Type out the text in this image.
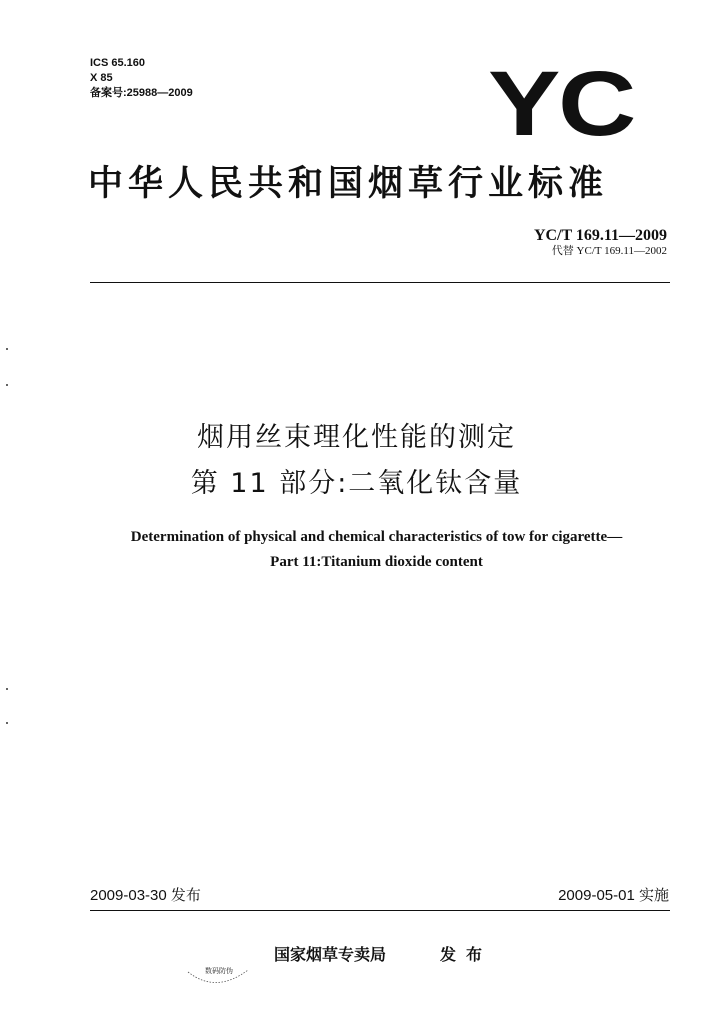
ICS 65.160
X 85
备案号:25988—2009	YC
中华人民共和国烟草行业标准
YC/T 169.11—2009
代替 YC/T 169.11—2002
烟用丝束理化性能的测定
第 11 部分:二氧化钛含量
Determination of physical and chemical characteristics of tow for cigarette—
Part 11:Titanium dioxide content
2009-03-30 发布	2009-05-01 实施
国家烟草专卖局	发布
数码防伪
